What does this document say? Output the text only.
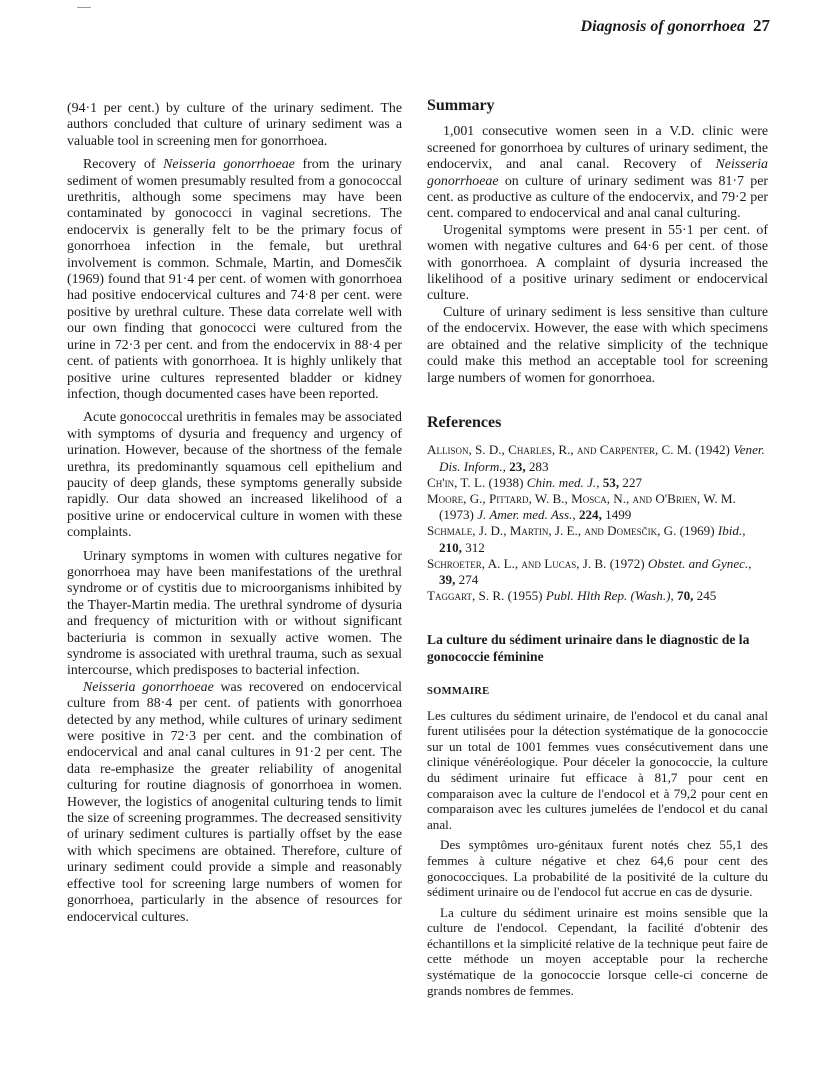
Diagnosis of gonorrhoea 27

(94·1 per cent.) by culture of the urinary sediment. The authors concluded that culture of urinary sediment was a valuable tool in screening men for gonorrhoea.

Recovery of Neisseria gonorrhoeae from the urinary sediment of women presumably resulted from a gonococcal urethritis, although some specimens may have been contaminated by gonococci in vaginal secretions. The endocervix is generally felt to be the primary focus of gonorrhoea infection in the female, but urethral involvement is common. Schmale, Martin, and Domesčik (1969) found that 91·4 per cent. of women with gonorrhoea had positive endocervical cultures and 74·8 per cent. were positive by urethral culture. These data correlate well with our own finding that gonococci were cultured from the urine in 72·3 per cent. and from the endocervix in 88·4 per cent. of patients with gonorrhoea. It is highly unlikely that positive urine cultures represented bladder or kidney infection, though documented cases have been reported.

Acute gonococcal urethritis in females may be associated with symptoms of dysuria and frequency and urgency of urination. However, because of the shortness of the female urethra, its predominantly squamous cell epithelium and paucity of deep glands, these symptoms generally subside rapidly. Our data showed an increased likelihood of a positive urine or endocervical culture in women with these complaints.

Urinary symptoms in women with cultures negative for gonorrhoea may have been manifestations of the urethral syndrome or of cystitis due to microorganisms inhibited by the Thayer-Martin media. The urethral syndrome of dysuria and frequency of micturition with or without significant bacteriuria is common in sexually active women. The syndrome is associated with urethral trauma, such as sexual intercourse, which predisposes to bacterial infection.

Neisseria gonorrhoeae was recovered on endocervical culture from 88·4 per cent. of patients with gonorrhoea detected by any method, while cultures of urinary sediment were positive in 72·3 per cent. and the combination of endocervical and anal canal cultures in 91·2 per cent. The data re-emphasize the greater reliability of anogenital culturing for routine diagnosis of gonorrhoea in women. However, the logistics of anogenital culturing tends to limit the size of screening programmes. The decreased sensitivity of urinary sediment cultures is partially offset by the ease with which specimens are obtained. Therefore, culture of urinary sediment could provide a simple and reasonably effective tool for screening large numbers of women for gonorrhoea, particularly in the absence of resources for endocervical cultures.

Summary

1,001 consecutive women seen in a V.D. clinic were screened for gonorrhoea by cultures of urinary sediment, the endocervix, and anal canal. Recovery of Neisseria gonorrhoeae on culture of urinary sediment was 81·7 per cent. as productive as culture of the endocervix, and 79·2 per cent. compared to endocervical and anal canal culturing.

Urogenital symptoms were present in 55·1 per cent. of women with negative cultures and 64·6 per cent. of those with gonorrhoea. A complaint of dysuria increased the likelihood of a positive urinary sediment or endocervical culture.

Culture of urinary sediment is less sensitive than culture of the endocervix. However, the ease with which specimens are obtained and the relative simplicity of the technique could make this method an acceptable tool for screening large numbers of women for gonorrhoea.

References

Allison, S. D., Charles, R., and Carpenter, C. M. (1942) Vener. Dis. Inform., 23, 283

Ch'in, T. L. (1938) Chin. med. J., 53, 227

Moore, G., Pittard, W. B., Mosca, N., and O'Brien, W. M. (1973) J. Amer. med. Ass., 224, 1499

Schmale, J. D., Martin, J. E., and Domesčik, G. (1969) Ibid., 210, 312

Schroeter, A. L., and Lucas, J. B. (1972) Obstet. and Gynec., 39, 274

Taggart, S. R. (1955) Publ. Hlth Rep. (Wash.), 70, 245

La culture du sédiment urinaire dans le diagnostic de la gonococcie féminine
SOMMAIRE

Les cultures du sédiment urinaire, de l'endocol et du canal anal furent utilisées pour la détection systématique de la gonococcie sur un total de 1001 femmes vues consécutivement dans une clinique vénéréologique. Pour déceler la gonococcie, la culture du sédiment urinaire fut efficace à 81,7 pour cent en comparaison avec la culture de l'endocol et à 79,2 pour cent en comparaison avec les cultures jumelées de l'endocol et du canal anal.

Des symptômes uro-génitaux furent notés chez 55,1 des femmes à culture négative et chez 64,6 pour cent des gonococciques. La probabilité de la positivité de la culture du sédiment urinaire ou de l'endocol fut accrue en cas de dysurie.

La culture du sédiment urinaire est moins sensible que la culture de l'endocol. Cependant, la facilité d'obtenir des échantillons et la simplicité relative de la technique peut faire de cette méthode un moyen acceptable pour la recherche systématique de la gonococcie lorsque celle-ci concerne de grands nombres de femmes.
